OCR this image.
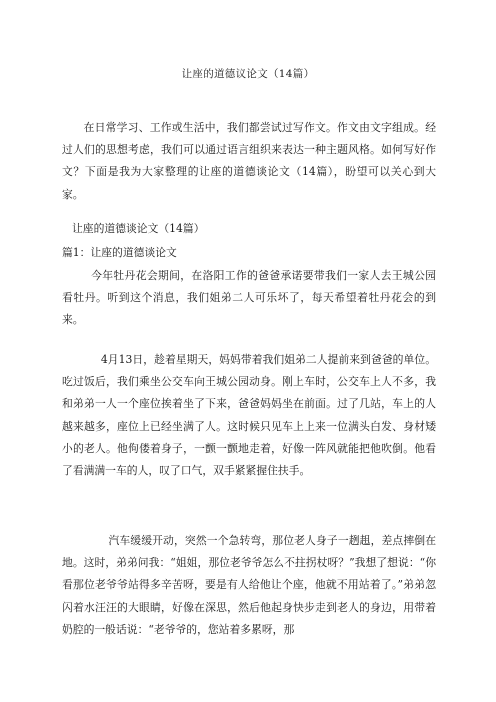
让座的道德议论文（14篇）
在日常学习、工作或生活中，我们都尝试过写作文。作文由文字组成。经过人们的思想考虑，我们可以通过语言组织来表达一种主题风格。如何写好作文？下面是我为大家整理的让座的道德谈论文（14篇），盼望可以关心到大家。
让座的道德谈论文（14篇）
篇1：让座的道德谈论文
今年牡丹花会期间，在洛阳工作的爸爸承诺要带我们一家人去王城公园看牡丹。听到这个消息，我们姐弟二人可乐坏了，每天希望着牡丹花会的到来。
4月13日，趁着星期天，妈妈带着我们姐弟二人提前来到爸爸的单位。吃过饭后，我们乘坐公交车向王城公园动身。刚上车时，公交车上人不多，我和弟弟一人一个座位挨着坐了下来，爸爸妈妈坐在前面。过了几站，车上的人越来越多，座位上已经坐满了人。这时候只见车上上来一位满头白发、身材矮小的老人。他佝偻着身子，一颤一颤地走着，好像一阵风就能把他吹倒。他看了看满满一车的人，叹了口气，双手紧紧握住扶手。
汽车缓缓开动，突然一个急转弯，那位老人身子一趔趄，差点摔倒在地。这时，弟弟问我：“姐姐，那位老爷爷怎么不拄拐杖呀？”我想了想说：“你看那位老爷爷站得多辛苦呀，要是有人给他让个座，他就不用站着了。”弟弟忽闪着水汪汪的大眼睛，好像在深思，然后他起身快步走到老人的身边，用带着奶腔的一般话说：“老爷爷的，您站着多累呀，那
